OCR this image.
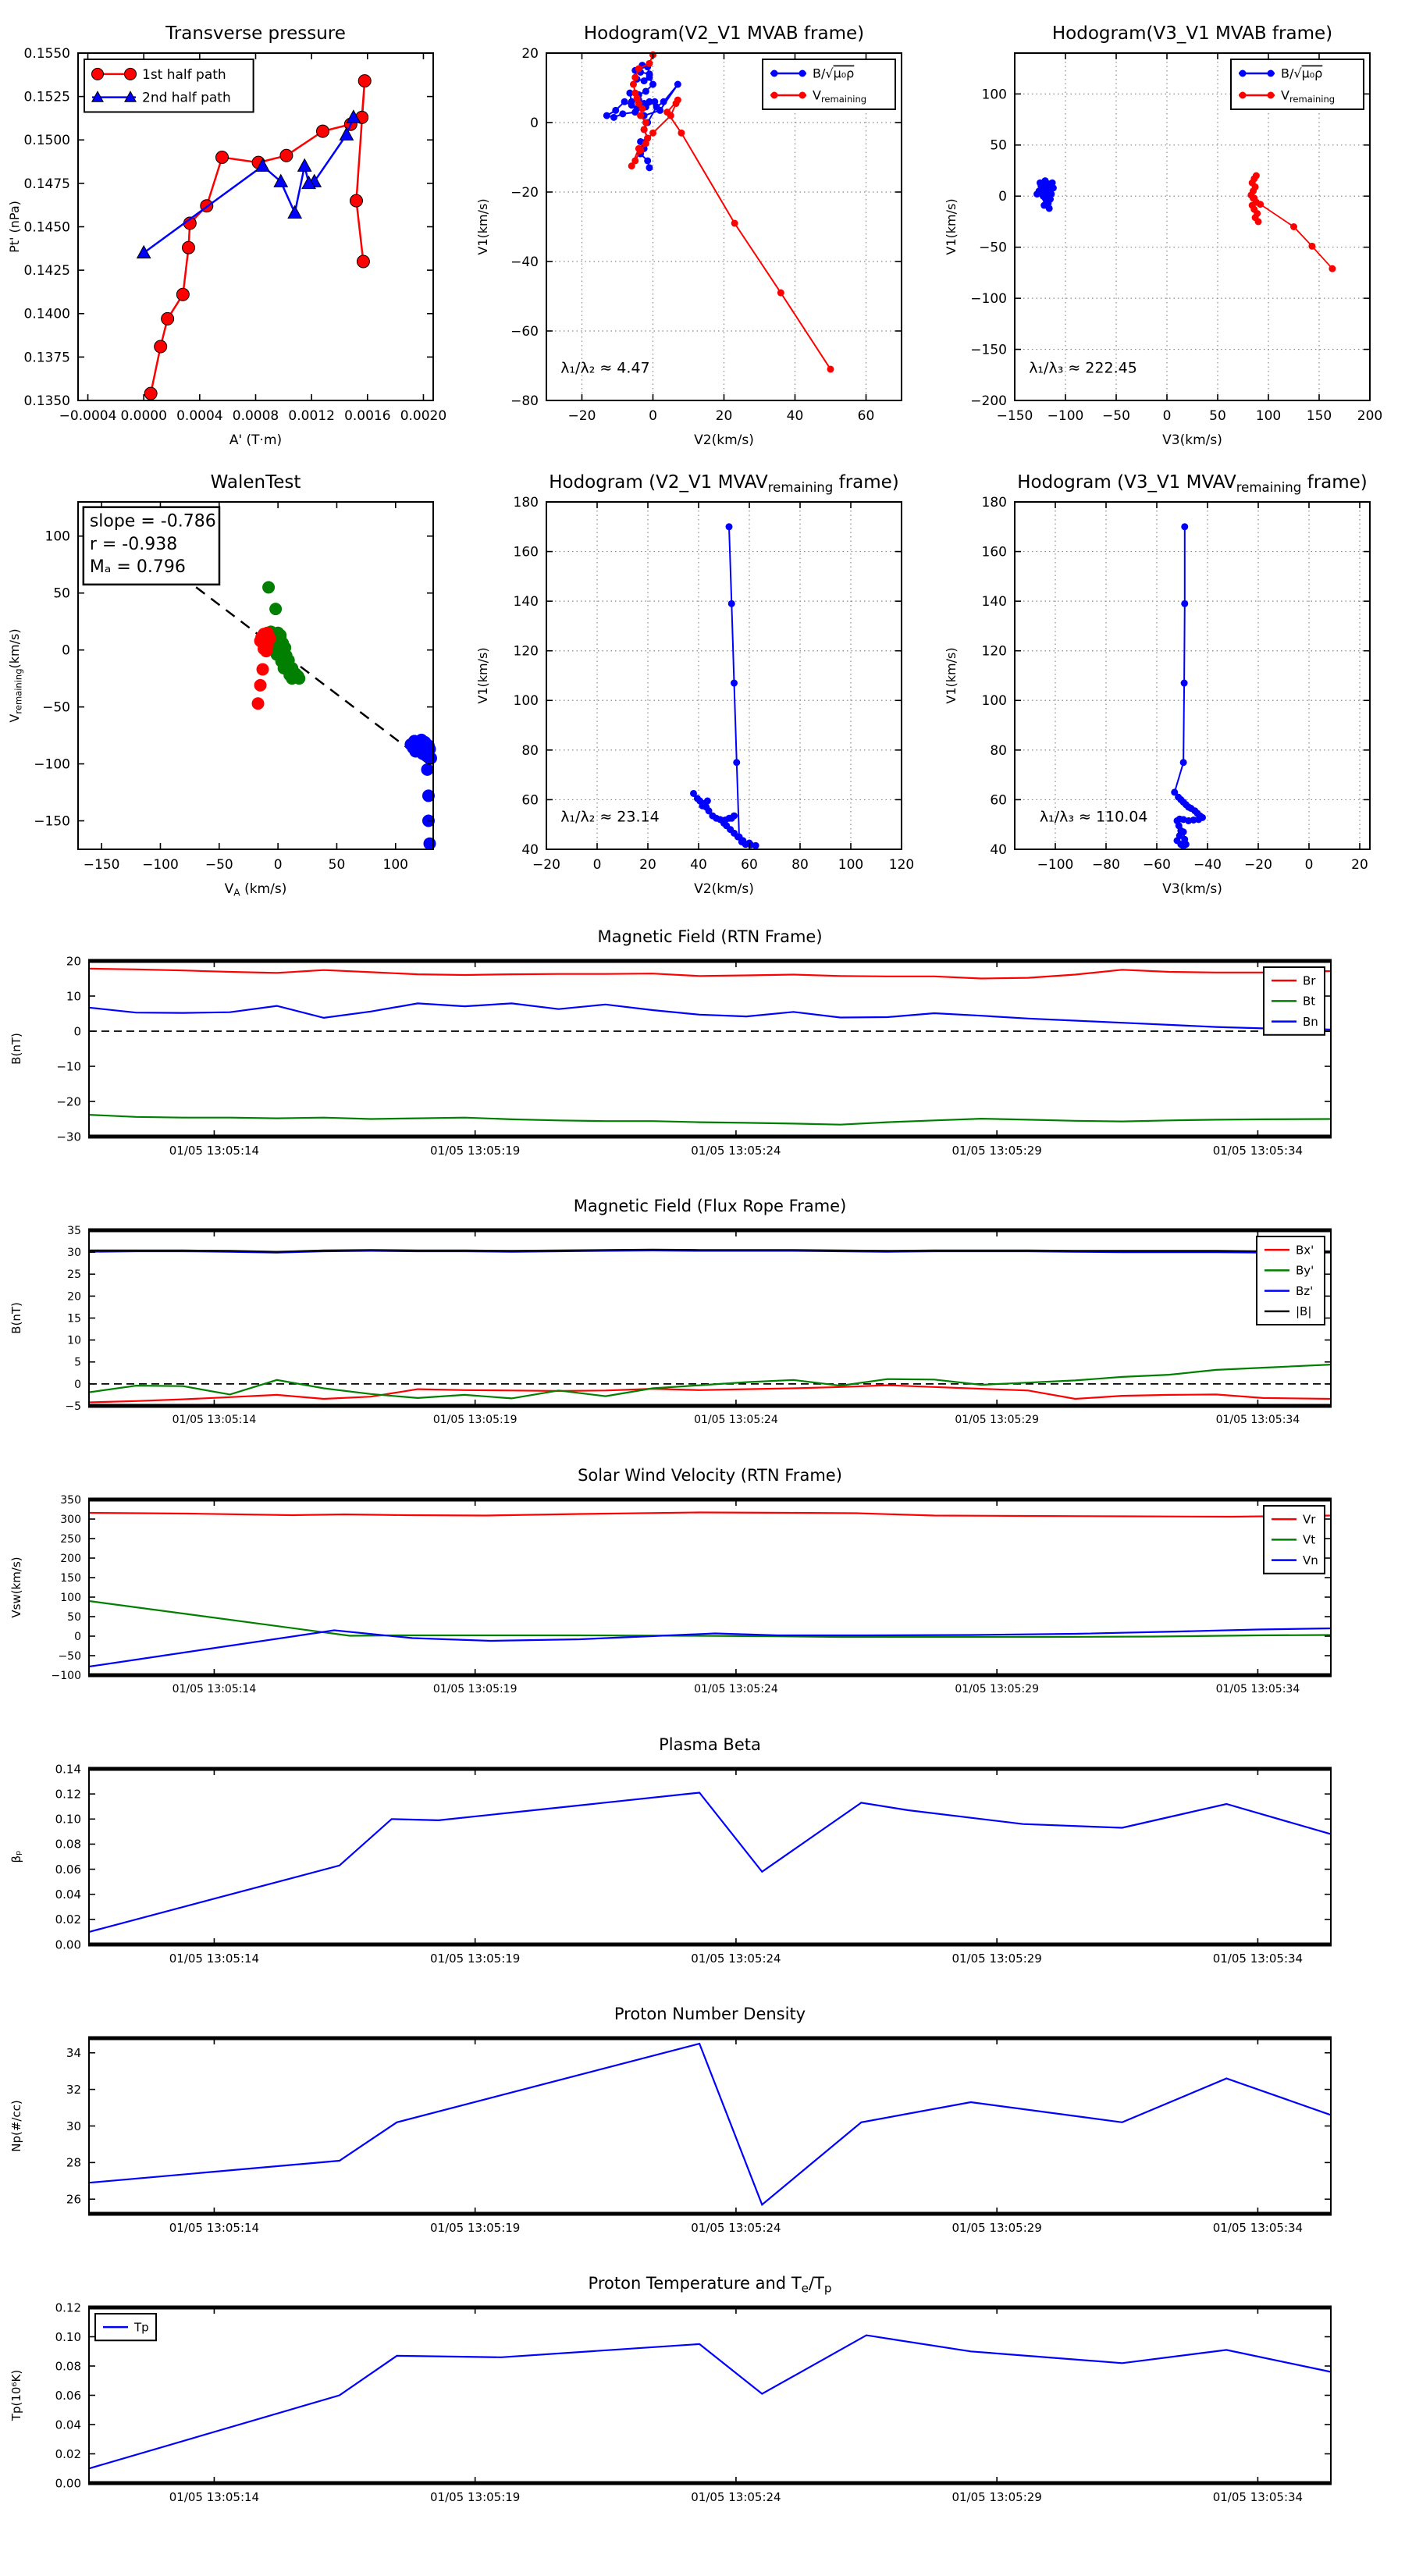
−0.0004 0.0000 0.0004 0.0008 0.0012 0.0016 0.0020
0.1350
0.1375
0.1400
0.1425
0.1450
0.1475
0.1500
0.1525
0.1550
Transverse pressure
A' (T·m)
Pt' (nPa)
1st half path
2nd half path
−20	0	20	40	60
−80
−60
−40
−20
0
20
Hodogram(V2_V1 MVAB frame)
V2(km/s)
V1(km/s)
λ₁/λ₂ ≈ 4.47
B/√μ₀ρ
$V_{remaining}$
−150 −100 −50 0	50 100 150 200
−200
−150
−100
−50
0
50
100
Hodogram(V3_V1 MVAB frame)
V3(km/s)
V1(km/s)
λ₁/λ₃ ≈ 222.45
B/√μ₀ρ
$V_{remaining}$
−150 −100 −50	0	50	100
−150
−100
−50
0
50
100
WalenTest
$V_A$ (km/s)
$V_{remaining}(km/s)$
slope = -0.786
r = -0.938
Mₐ = 0.796
−20 0	20	40	60	80 100 120
40
60
80
100
120
140
160
180
Hodogram (V2_V1 $MVAV_{remaining}$ frame)
V2(km/s)
V1(km/s)
λ₁/λ₂ ≈ 23.14
−100 −80 −60 −40 −20 0	20
40
60
80
100
120
140
160
180
Hodogram (V3_V1 $MVAV_{remaining}$ frame)
V3(km/s)
V1(km/s)
λ₁/λ₃ ≈ 110.04
01/05 13:05:14	01/05 13:05:19	01/05 13:05:24	01/05 13:05:29	01/05 13:05:34
−30
−20
−10
0
10
20
Magnetic Field (RTN Frame)
B(nT)
Br
Bt
Bn
01/05 13:05:14	01/05 13:05:19	01/05 13:05:24	01/05 13:05:29	01/05 13:05:34
−5
0
5
10
15
20
25
30
35
Magnetic Field (Flux Rope Frame)
B(nT)
Bx'
By'
Bz'
|B|
01/05 13:05:14	01/05 13:05:19	01/05 13:05:24	01/05 13:05:29	01/05 13:05:34
−100
−50
0
50
100
150
200
250
300
350
Solar Wind Velocity (RTN Frame)
Vsw(km/s)
Vr
Vt
Vn
01/05 13:05:14	01/05 13:05:19	01/05 13:05:24	01/05 13:05:29	01/05 13:05:34
0.00
0.02
0.04
0.06
0.08
0.10
0.12
0.14
Plasma Beta
βₚ
01/05 13:05:14	01/05 13:05:19	01/05 13:05:24	01/05 13:05:29	01/05 13:05:34
26
28
30
32
34
Proton Number Density
Np(#/cc)
01/05 13:05:14	01/05 13:05:19	01/05 13:05:24	01/05 13:05:29	01/05 13:05:34
0.00
0.02
0.04
0.06
0.08
0.10
0.12
Proton Temperature and $T_e/T_p$
Tp(10⁶K)
Tp
